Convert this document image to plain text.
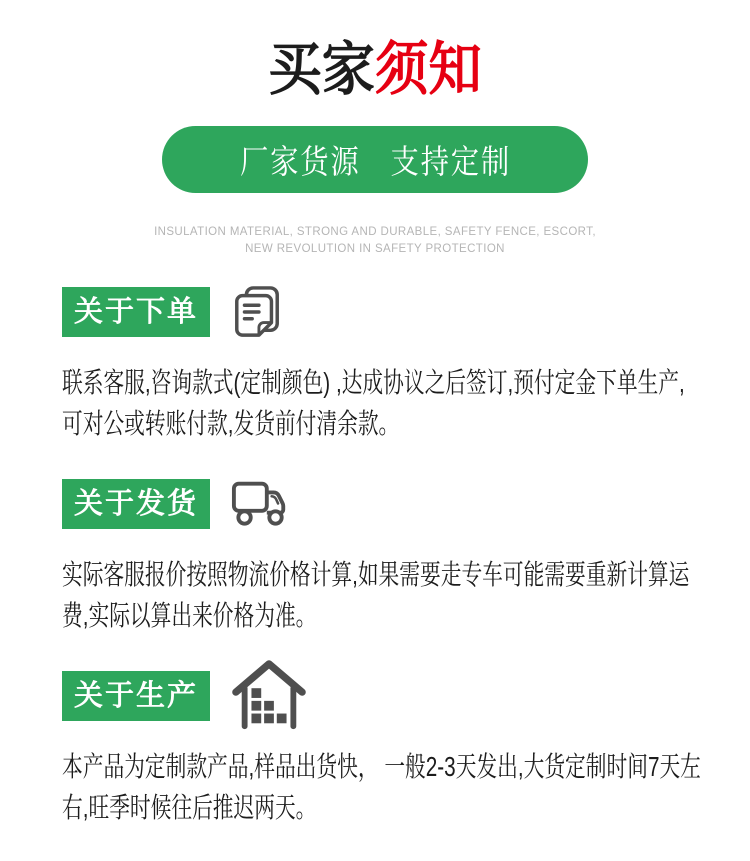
买家须知
厂家货源　支持定制
INSULATION MATERIAL, STRONG AND DURABLE, SAFETY FENCE, ESCORT,
NEW REVOLUTION IN SAFETY PROTECTION
关于下单
联系客服,咨询款式(定制颜色) ,达成协议之后签订,预付定金下单生产,
可对公或转账付款,发货前付清余款。
关于发货
实际客服报价按照物流价格计算,如果需要走专车可能需要重新计算运
费,实际以算出来价格为准。
关于生产
本产品为定制款产品,样品出货快， 一般2-3天发出,大货定制时间7天左
右,旺季时候往后推迟两天。
